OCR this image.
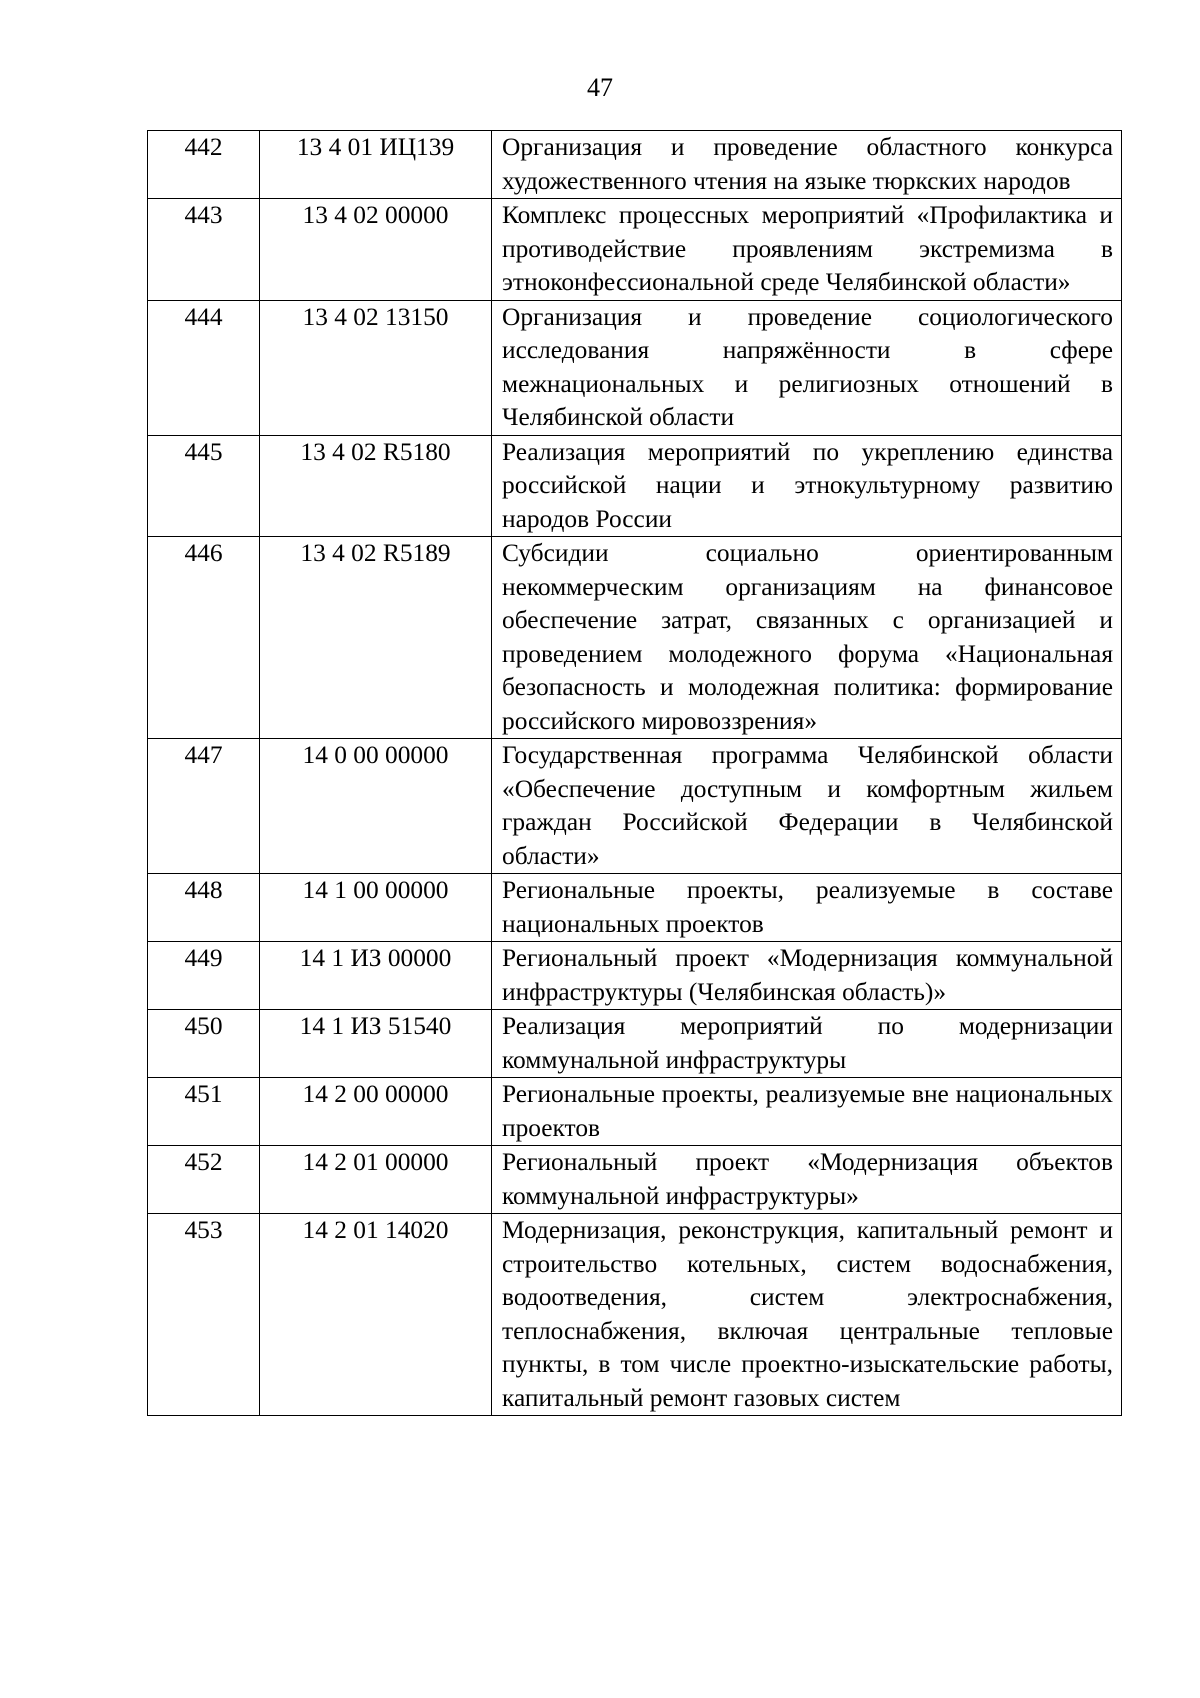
47
442	13 4 01 ИЦ139	Организация и проведение областного конкурса художественного чтения на языке тюркских народов
443	13 4 02 00000	Комплекс процессных мероприятий «Профилактика и противодействие проявлениям экстремизма в этноконфессиональной среде Челябинской области»
444	13 4 02 13150	Организация и проведение социологического исследования напряжённости в сфере межнациональных и религиозных отношений в Челябинской области
445	13 4 02 R5180	Реализация мероприятий по укреплению единства российской нации и этнокультурному развитию народов России
446	13 4 02 R5189	Субсидии социально ориентированным некоммерческим организациям на финансовое обеспечение затрат, связанных с организацией и проведением молодежного форума «Национальная безопасность и молодежная политика: формирование российского мировоззрения»
447	14 0 00 00000	Государственная программа Челябинской области «Обеспечение доступным и комфортным жильем граждан Российской Федерации в Челябинской области»
448	14 1 00 00000	Региональные проекты, реализуемые в составе национальных проектов
449	14 1 ИЗ 00000	Региональный проект «Модернизация коммунальной инфраструктуры (Челябинская область)»
450	14 1 ИЗ 51540	Реализация мероприятий по модернизации коммунальной инфраструктуры
451	14 2 00 00000	Региональные проекты, реализуемые вне национальных проектов
452	14 2 01 00000	Региональный проект «Модернизация объектов коммунальной инфраструктуры»
453	14 2 01 14020	Модернизация, реконструкция, капитальный ремонт и строительство котельных, систем водоснабжения, водоотведения, систем электроснабжения, теплоснабжения, включая центральные тепловые пункты, в том числе проектно-изыскательские работы, капитальный ремонт газовых систем
